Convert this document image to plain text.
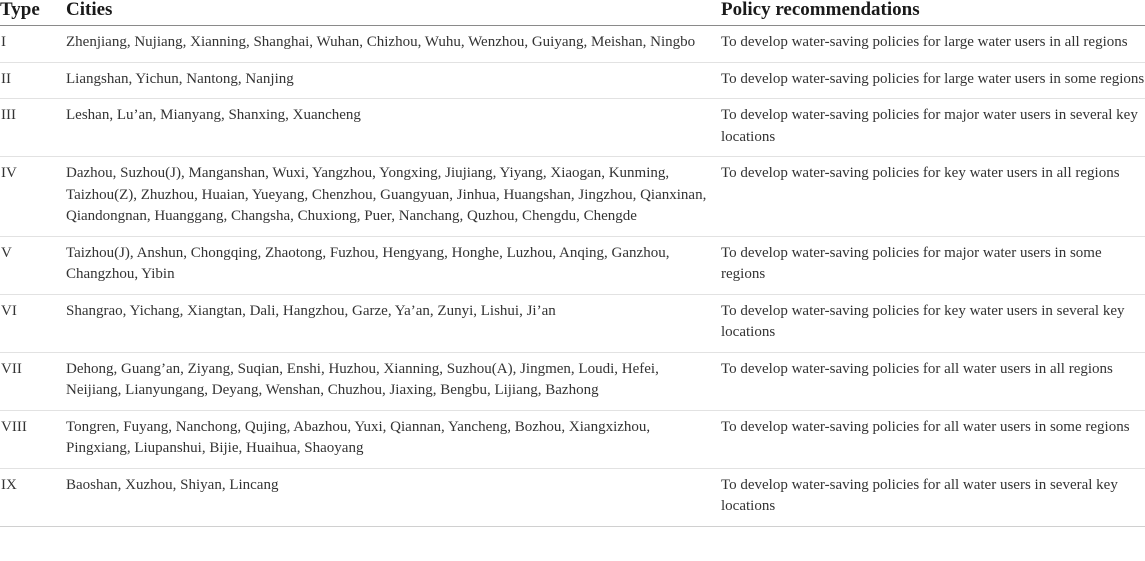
Type	Cities	Policy recommendations
I	Zhenjiang, Nujiang, Xianning, Shanghai, Wuhan, Chizhou, Wuhu, Wenzhou, Guiyang, Meishan, Ningbo	To develop water-saving policies for large water users in all regions
II	Liangshan, Yichun, Nantong, Nanjing	To develop water-saving policies for large water users in some regions
III	Leshan, Lu’an, Mianyang, Shanxing, Xuancheng	To develop water-saving policies for major water users in several key locations
IV	Dazhou, Suzhou(J), Manganshan, Wuxi, Yangzhou, Yongxing, Jiujiang, Yiyang, Xiaogan, Kunming, Taizhou(Z), Zhuzhou, Huaian, Yueyang, Chenzhou, Guangyuan, Jinhua, Huangshan, Jingzhou, Qianxinan, Qiandongnan, Huanggang, Changsha, Chuxiong, Puer, Nanchang, Quzhou, Chengdu, Chengde	To develop water-saving policies for key water users in all regions
V	Taizhou(J), Anshun, Chongqing, Zhaotong, Fuzhou, Hengyang, Honghe, Luzhou, Anqing, Ganzhou, Changzhou, Yibin	To develop water-saving policies for major water users in some regions
VI	Shangrao, Yichang, Xiangtan, Dali, Hangzhou, Garze, Ya’an, Zunyi, Lishui, Ji’an	To develop water-saving policies for key water users in several key locations
VII	Dehong, Guang’an, Ziyang, Suqian, Enshi, Huzhou, Xianning, Suzhou(A), Jingmen, Loudi, Hefei, Neijiang, Lianyungang, Deyang, Wenshan, Chuzhou, Jiaxing, Bengbu, Lijiang, Bazhong	To develop water-saving policies for all water users in all regions
VIII	Tongren, Fuyang, Nanchong, Qujing, Abazhou, Yuxi, Qiannan, Yancheng, Bozhou, Xiangxizhou, Pingxiang, Liupanshui, Bijie, Huaihua, Shaoyang	To develop water-saving policies for all water users in some regions
IX	Baoshan, Xuzhou, Shiyan, Lincang	To develop water-saving policies for all water users in several key locations
